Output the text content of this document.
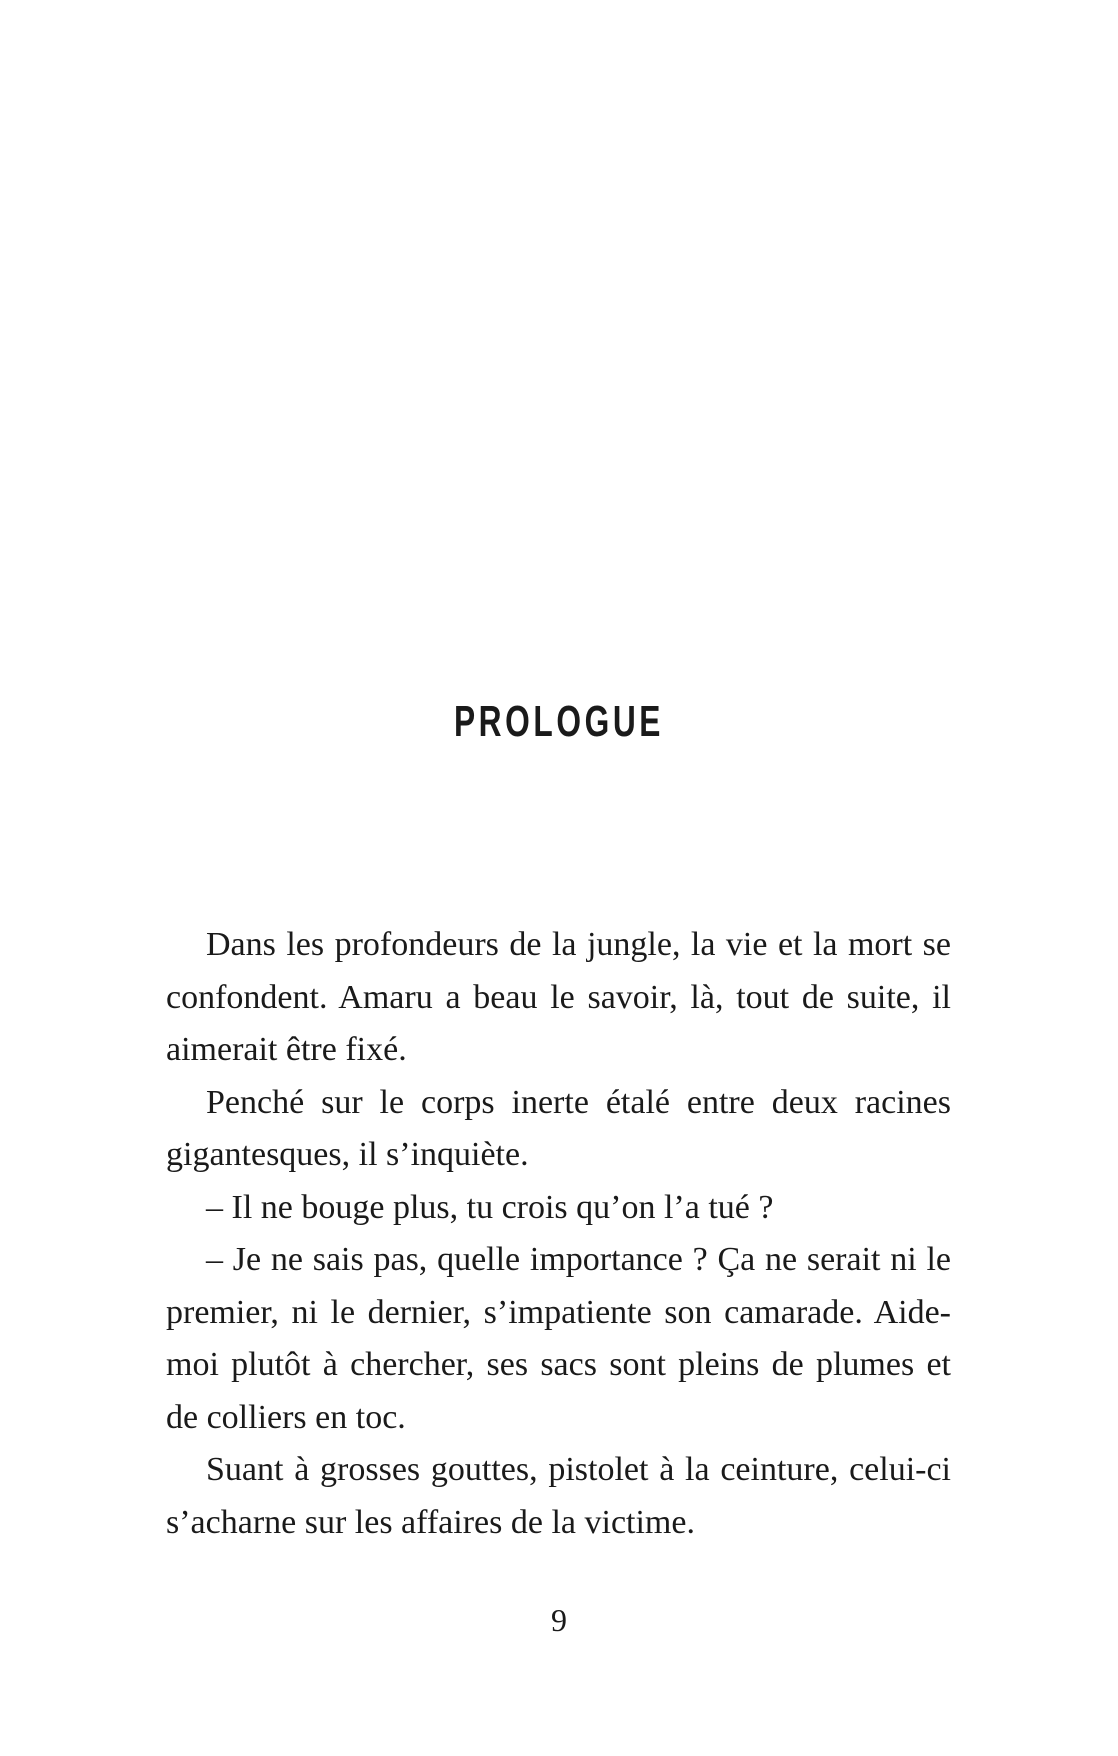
PROLOGUE

Dans les profondeurs de la jungle, la vie et la mort se confondent. Amaru a beau le savoir, là, tout de suite, il aimerait être fixé.

Penché sur le corps inerte étalé entre deux racines gigantesques, il s’inquiète.

– Il ne bouge plus, tu crois qu’on l’a tué ?

– Je ne sais pas, quelle importance ? Ça ne serait ni le premier, ni le dernier, s’impatiente son camarade. Aide-moi plutôt à chercher, ses sacs sont pleins de plumes et de colliers en toc.

Suant à grosses gouttes, pistolet à la ceinture, celui-ci s’acharne sur les affaires de la victime.

9
